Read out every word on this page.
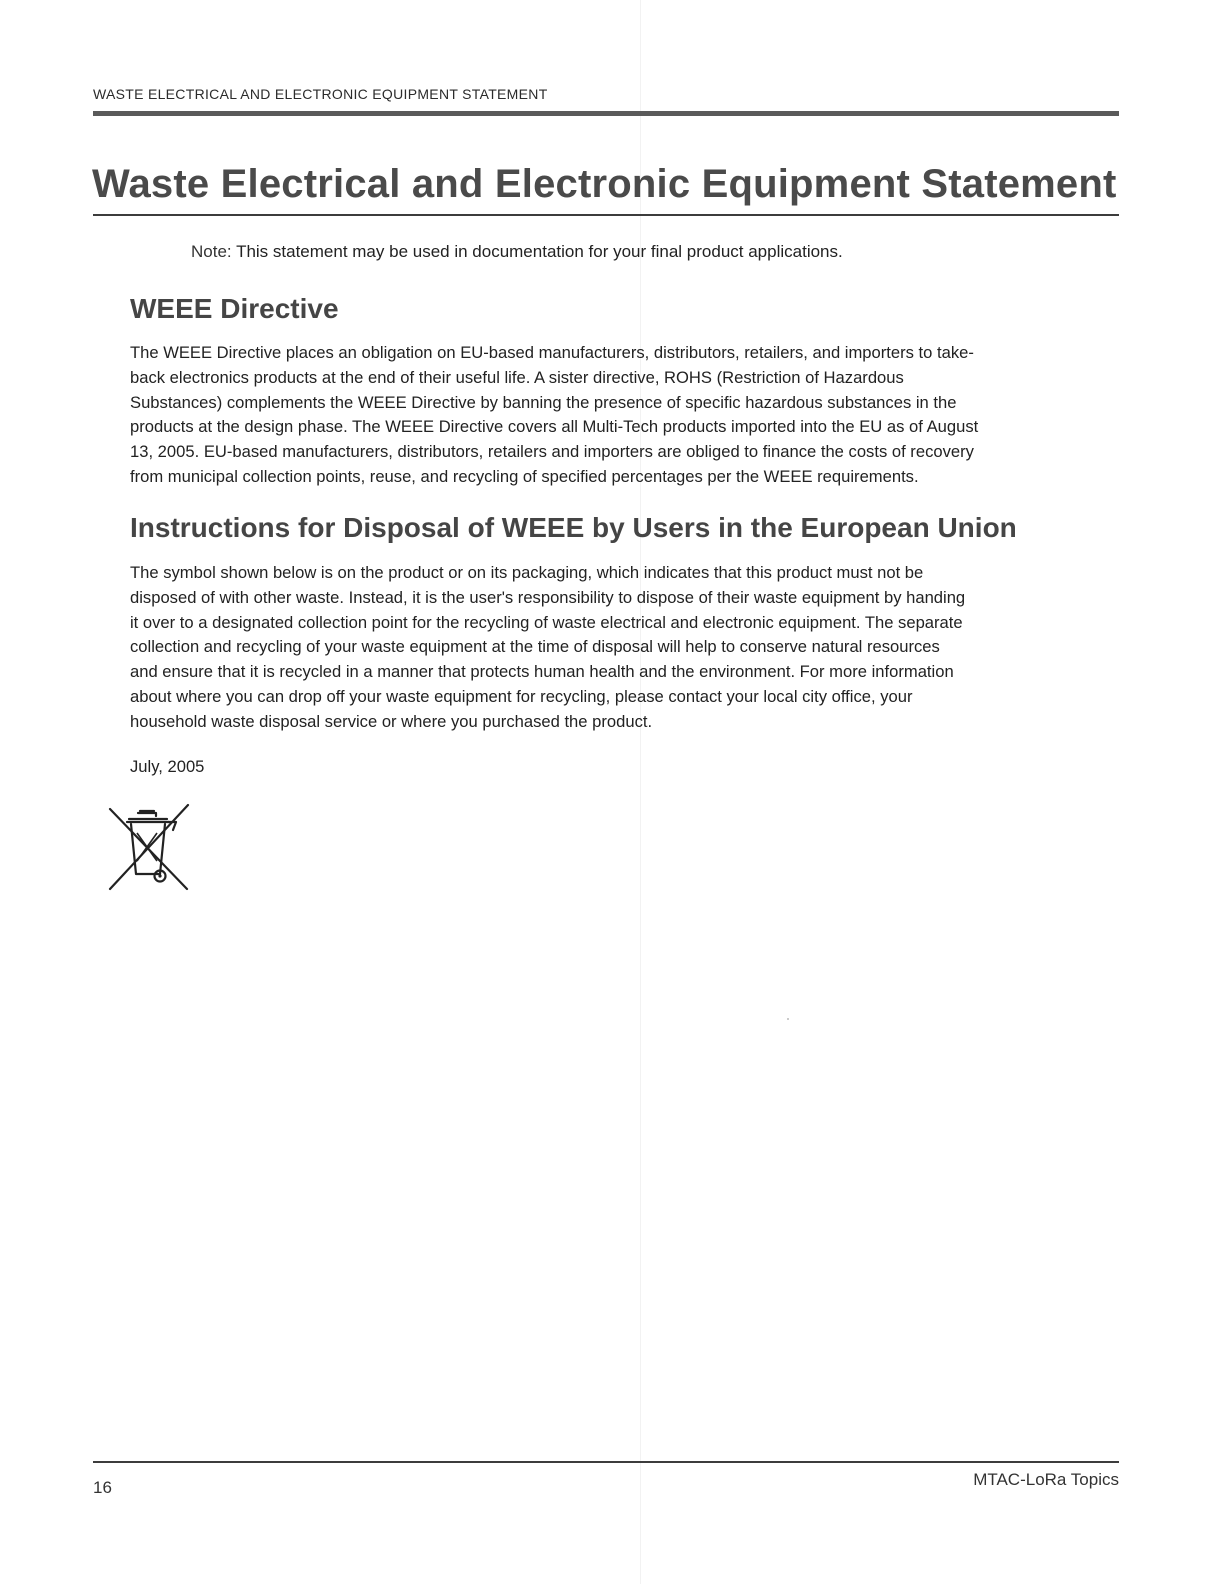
WASTE ELECTRICAL AND ELECTRONIC EQUIPMENT STATEMENT
Waste Electrical and Electronic Equipment Statement
Note: This statement may be used in documentation for your final product applications.
WEEE Directive
The WEEE Directive places an obligation on EU-based manufacturers, distributors, retailers, and importers to take-
back electronics products at the end of their useful life. A sister directive, ROHS (Restriction of Hazardous
Substances) complements the WEEE Directive by banning the presence of specific hazardous substances in the
products at the design phase. The WEEE Directive covers all Multi-Tech products imported into the EU as of August
13, 2005. EU-based manufacturers, distributors, retailers and importers are obliged to finance the costs of recovery
from municipal collection points, reuse, and recycling of specified percentages per the WEEE requirements.
Instructions for Disposal of WEEE by Users in the European Union
The symbol shown below is on the product or on its packaging, which indicates that this product must not be
disposed of with other waste. Instead, it is the user's responsibility to dispose of their waste equipment by handing
it over to a designated collection point for the recycling of waste electrical and electronic equipment. The separate
collection and recycling of your waste equipment at the time of disposal will help to conserve natural resources
and ensure that it is recycled in a manner that protects human health and the environment. For more information
about where you can drop off your waste equipment for recycling, please contact your local city office, your
household waste disposal service or where you purchased the product.
July, 2005
16	MTAC-LoRa Topics
